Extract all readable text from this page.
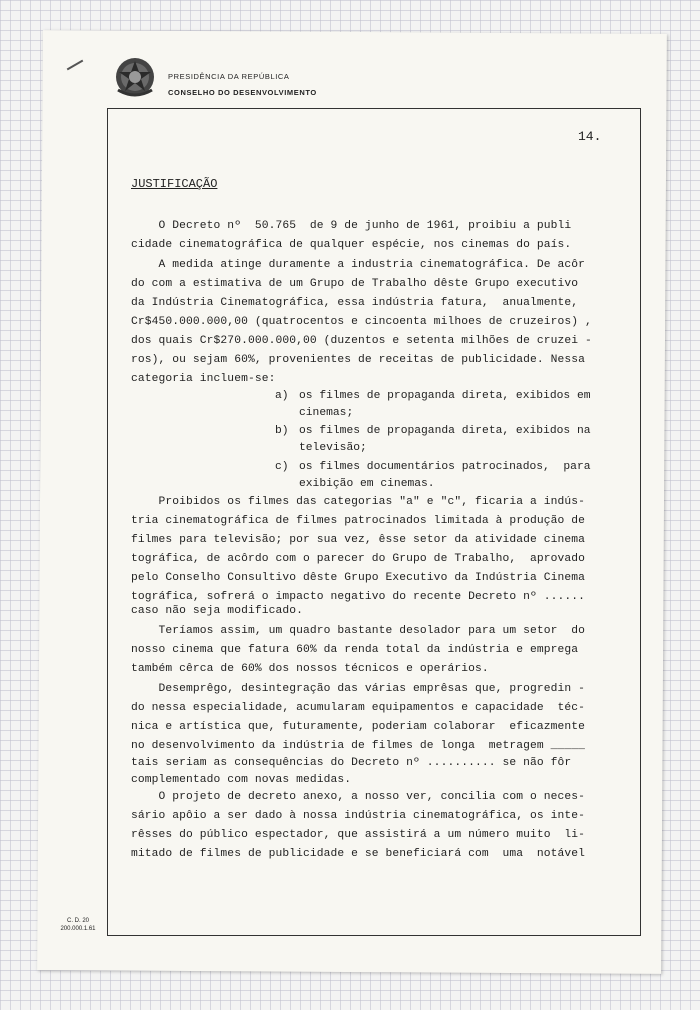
PRESIDÊNCIA DA REPÚBLICA
CONSELHO DO DESENVOLVIMENTO
14.
JUSTIFICAÇÃO
O Decreto nº  50.765  de 9 de junho de 1961, proibiu a publi
cidade cinematográfica de qualquer espécie, nos cinemas do país.
A medida atinge duramente a industria cinematográfica. De acôr
do com a estimativa de um Grupo de Trabalho dêste Grupo executivo
da Indústria Cinematográfica, essa indústria fatura,  anualmente,
Cr$450.000.000,00 (quatrocentos e cincoenta milhoes de cruzeiros) ,
dos quais Cr$270.000.000,00 (duzentos e setenta milhões de cruzei -
ros), ou sejam 60%, provenientes de receitas de publicidade. Nessa
categoria incluem-se:
a) os filmes de propaganda direta, exibidos em
cinemas;
b) os filmes de propaganda direta, exibidos na
televisão;
c) os filmes documentários patrocinados,  para
exibição em cinemas.
Proibidos os filmes das categorias "a" e "c", ficaria a indús-
tria cinematográfica de filmes patrocinados limitada à produção de
filmes para televisão; por sua vez, êsse setor da atividade cinema
tográfica, de acôrdo com o parecer do Grupo de Trabalho,  aprovado
pelo Conselho Consultivo dêste Grupo Executivo da Indústria Cinema
tográfica, sofrerá o impacto negativo do recente Decreto nº ......
caso não seja modificado.
Teríamos assim, um quadro bastante desolador para um setor  do
nosso cinema que fatura 60% da renda total da indústria e emprega
também cêrca de 60% dos nossos técnicos e operários.
Desemprêgo, desintegração das várias emprêsas que, progredin -
do nessa especialidade, acumularam equipamentos e capacidade  téc-
nica e artística que, futuramente, poderiam colaborar  eficazmente
no desenvolvimento da indústria de filmes de longa  metragem _____
tais seriam as consequências do Decreto nº .......... se não fôr
complementado com novas medidas.
O projeto de decreto anexo, a nosso ver, concilia com o neces-
sário apôio a ser dado à nossa indústria cinematográfica, os inte-
rêsses do público espectador, que assistirá a um número muito  li-
mitado de filmes de publicidade e se beneficiará com  uma  notável
C. D. 20
200.000.1.61
